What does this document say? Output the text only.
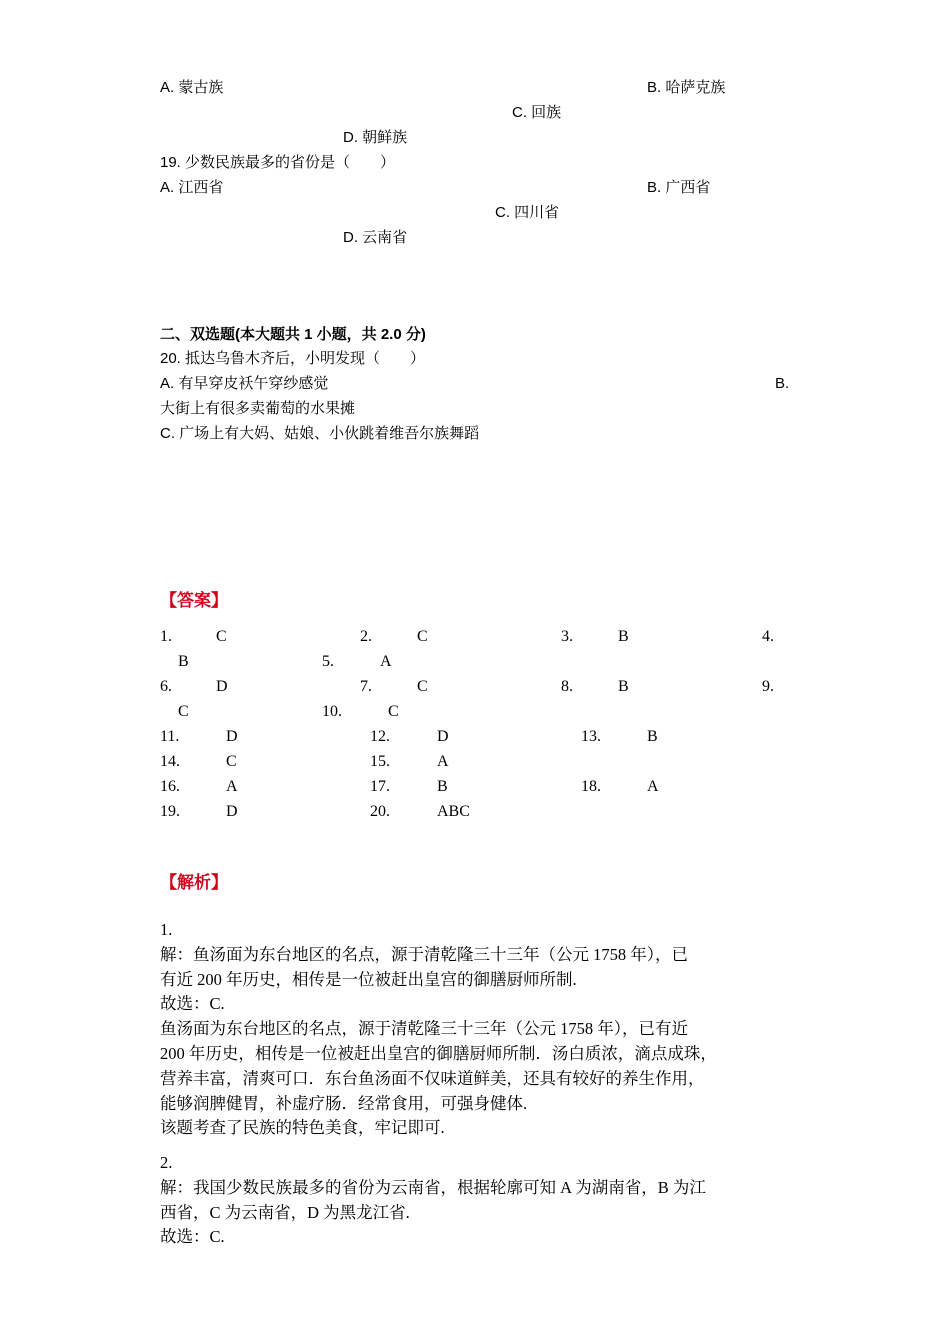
A. 蒙古族	B. 哈萨克族
C. 回族
D. 朝鲜族
19. 少数民族最多的省份是（　　）
A. 江西省	B. 广西省
C. 四川省
D. 云南省
二、双选题(本大题共 1 小题，共 2.0 分)
20. 抵达乌鲁木齐后，小明发现（　　）
A. 有早穿皮袄午穿纱感觉	B.
大街上有很多卖葡萄的水果摊
C. 广场上有大妈、姑娘、小伙跳着维吾尔族舞蹈
【答案】
1.	C	2.	C	3.	B	4.
B	5.	A
6.	D	7.	C	8.	B	9.
C	10.	C
11.	D	12.	D	13.	B
14.	C	15.	A
16.	A	17.	B	18.	A
19.	D	20.	ABC
【解析】
1.
解：鱼汤面为东台地区的名点，源于清乾隆三十三年（公元 1758 年），已
有近 200 年历史，相传是一位被赶出皇宫的御膳厨师所制.
故选：C.
鱼汤面为东台地区的名点，源于清乾隆三十三年（公元 1758 年），已有近
200 年历史，相传是一位被赶出皇宫的御膳厨师所制．汤白质浓，滴点成珠，
营养丰富，清爽可口．东台鱼汤面不仅味道鲜美，还具有较好的养生作用，
能够润脾健胃，补虚疗肠．经常食用，可强身健体.
该题考查了民族的特色美食，牢记即可.
2.
解：我国少数民族最多的省份为云南省，根据轮廓可知 A 为湖南省，B 为江
西省，C 为云南省，D 为黑龙江省.
故选：C.
